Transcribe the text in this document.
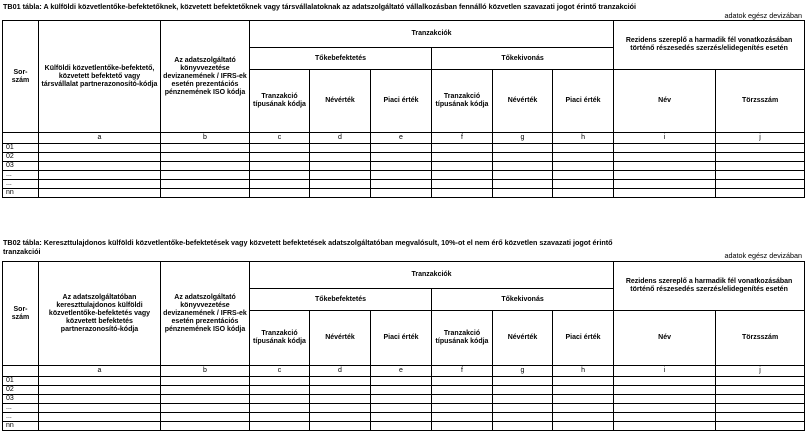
TB01 tábla: A külföldi közvetlentőke-befektetőknek, közvetett befektetőknek vagy társvállalatoknak az adatszolgáltató vállalkozásban fennálló közvetlen szavazati jogot érintő tranzakciói
adatok egész devizában
Sor-szám	Külföldi közvetlentőke-befektető, közvetett befektető vagy társvállalat partnerazonosító-kódja	Az adatszolgáltató könyvvezetése devizanemének / IFRS-ek esetén prezentációs pénznemének ISO kódja	Tranzakciók						Rezidens szereplő a harmadik fél vonatkozásában történő részesedés szerzés/elidegenítés esetén	
			Tőkebefektetés			Tőkekivonás				
			Tranzakció típusának kódja	Névérték	Piaci érték	Tranzakció típusának kódja	Névérték	Piaci érték	Név	Törzsszám
	a	b	c	d	e	f	g	h	i	j
01										
02										
03										
...										
...										
nn										
TB02 tábla: Kereszttulajdonos külföldi közvetlentőke-befektetések vagy közvetett befektetések adatszolgáltatóban megvalósult, 10%-ot el nem érő közvetlen szavazati jogot érintő tranzakciói	adatok egész devizában
Sor-szám	Az adatszolgáltatóban kereszttulajdonos külföldi közvetlentőke-befektetés vagy közvetett befektetés partnerazonosító-kódja	Az adatszolgáltató könyvvezetése devizanemének / IFRS-ek esetén prezentációs pénznemének ISO kódja	Tranzakciók						Rezidens szereplő a harmadik fél vonatkozásában történő részesedés szerzés/elidegenítés esetén	
			Tőkebefektetés			Tőkekivonás				
			Tranzakció típusának kódja	Névérték	Piaci érték	Tranzakció típusának kódja	Névérték	Piaci érték	Név	Törzsszám
	a	b	c	d	e	f	g	h	i	j
01										
02										
03										
...										
...										
nn										
